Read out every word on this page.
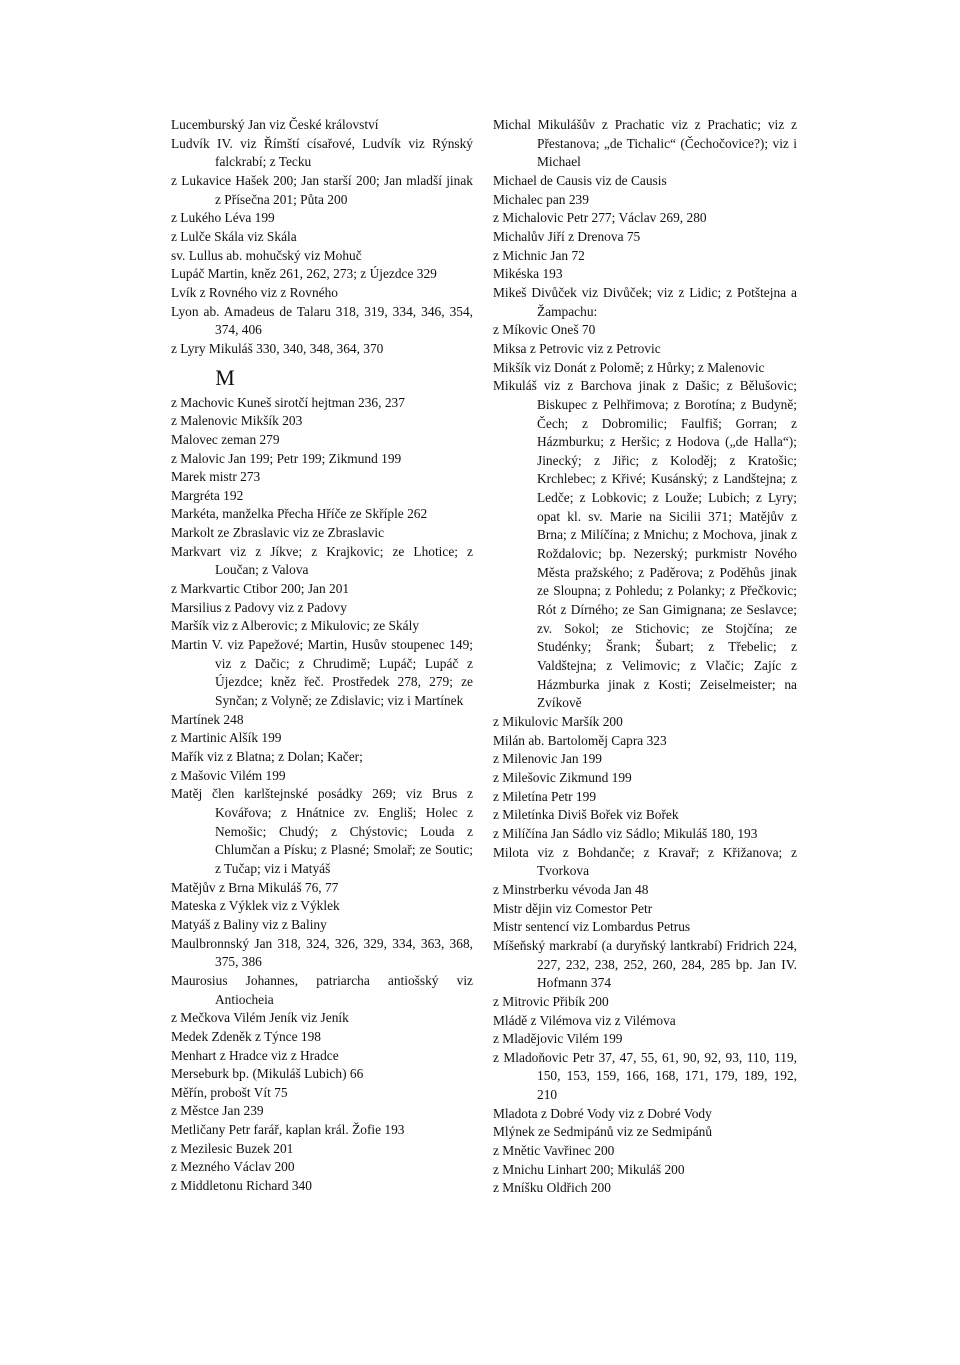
Lucemburský Jan viz České království

Ludvík IV. viz Římští císařové, Ludvík viz Rýnský falckrabí; z Tecku

z Lukavice Hašek 200; Jan starší 200; Jan mladší jinak z Přísečna 201; Půta 200

z Lukého Léva 199

z Lulče Skála viz Skála

sv. Lullus ab. mohučský viz Mohuč

Lupáč Martin, kněz 261, 262, 273; z Újezdce 329

Lvík z Rovného viz z Rovného

Lyon ab. Amadeus de Talaru 318, 319, 334, 346, 354, 374, 406

z Lyry Mikuláš 330, 340, 348, 364, 370

M

z Machovic Kuneš sirotčí hejtman 236, 237

z Malenovic Mikšík 203

Malovec zeman 279

z Malovic Jan 199; Petr 199; Zikmund 199

Marek mistr 273

Margréta 192

Markéta, manželka Přecha Hříče ze Skříple 262

Markolt ze Zbraslavic viz ze Zbraslavic

Markvart viz z Jíkve; z Krajkovic; ze Lhotice; z Loučan; z Valova

z Markvartic Ctibor 200; Jan 201

Marsilius z Padovy viz z Padovy

Maršík viz z Alberovic; z Mikulovic; ze Skály

Martin V. viz Papežové; Martin, Husův stoupenec 149; viz z Dačic; z Chrudimě; Lupáč; Lupáč z Újezdce; kněz řeč. Prostředek 278, 279; ze Synčan; z Volyně; ze Zdislavic; viz i Martínek

Martínek 248

z Martinic Alšík 199

Mařík viz z Blatna; z Dolan; Kačer;

z Mašovic Vilém 199

Matěj člen karlštejnské posádky 269; viz Brus z Kovářova; z Hnátnice zv. Engliš; Holec z Nemošic; Chudý; z Chýstovic; Louda z Chlumčan a Písku; z Plasné; Smolař; ze Soutic; z Tučap; viz i Matyáš

Matějův z Brna Mikuláš 76, 77

Mateska z Výklek viz z Výklek

Matyáš z Baliny viz z Baliny

Maulbronnský Jan 318, 324, 326, 329, 334, 363, 368, 375, 386

Maurosius Johannes, patriarcha antiošský viz Antiocheia

z Mečkova Vilém Jeník viz Jeník

Medek Zdeněk z Týnce 198

Menhart z Hradce viz z Hradce

Merseburk bp. (Mikuláš Lubich) 66

Měřín, probošt Vít 75

z Městce Jan 239

Metličany Petr farář, kaplan král. Žofie 193

z Mezilesic Buzek 201

z Mezného Václav 200

z Middletonu Richard 340

Michal Mikulášův z Prachatic viz z Prachatic; viz z Přestanova; „de Tichalic“ (Čechočovice?); viz i Michael

Michael de Causis viz de Causis

Michalec pan 239

z Michalovic Petr 277; Václav 269, 280

Michalův Jiří z Drenova 75

z Michnic Jan 72

Mikéska 193

Mikeš Divůček viz Divůček; viz z Lidic; z Potštejna a Žampachu:

z Míkovic Oneš 70

Miksa z Petrovic viz z Petrovic

Mikšík viz Donát z Polomě; z Hůrky; z Malenovic

Mikuláš viz z Barchova jinak z Dašic; z Bělušovic; Biskupec z Pelhřimova; z Borotína; z Budyně; Čech; z Dobromilic; Faulfiš; Gorran; z Házmburku; z Heršic; z Hodova („de Halla“); Jinecký; z Jiřic; z Koloděj; z Kratošic; Krchlebec; z Křivé; Kusánský; z Landštejna; z Ledče; z Lobkovic; z Louže; Lubich; z Lyry; opat kl. sv. Marie na Sicilii 371; Matějův z Brna; z Milíčína; z Mnichu; z Mochova, jinak z Roždalovic; bp. Nezerský; purkmistr Nového Města pražského; z Paděrova; z Poděhůs jinak ze Sloupna; z Pohledu; z Polanky; z Přečkovic; Rót z Dírného; ze San Gimignana; ze Seslavce; zv. Sokol; ze Stichovic; ze Stojčína; ze Studénky; Šrank; Šubart; z Třebelic; z Valdštejna; z Velimovic; z Vlačic; Zajíc z Házmburka jinak z Kosti; Zeiselmeister; na Zvíkově

z Mikulovic Maršík 200

Milán ab. Bartoloměj Capra 323

z Milenovic Jan 199

z Milešovic Zikmund 199

z Miletína Petr 199

z Miletínka Diviš Bořek viz Bořek

z Milíčína Jan Sádlo viz Sádlo; Mikuláš 180, 193

Milota viz z Bohdanče; z Kravař; z Křižanova; z Tvorkova

z Minstrberku vévoda Jan 48

Mistr dějin viz Comestor Petr

Mistr sentencí viz Lombardus Petrus

Míšeňský markrabí (a duryňský lantkrabí) Fridrich 224, 227, 232, 238, 252, 260, 284, 285 bp. Jan IV. Hofmann 374

z Mitrovic Přibík 200

Mládě z Vilémova viz z Vilémova

z Mladějovic Vilém 199

z Mladoňovic Petr 37, 47, 55, 61, 90, 92, 93, 110, 119, 150, 153, 159, 166, 168, 171, 179, 189, 192, 210

Mladota z Dobré Vody viz z Dobré Vody

Mlýnek ze Sedmipánů viz ze Sedmipánů

z Mnětic Vavřinec 200

z Mnichu Linhart 200; Mikuláš 200

z Mníšku Oldřich 200
